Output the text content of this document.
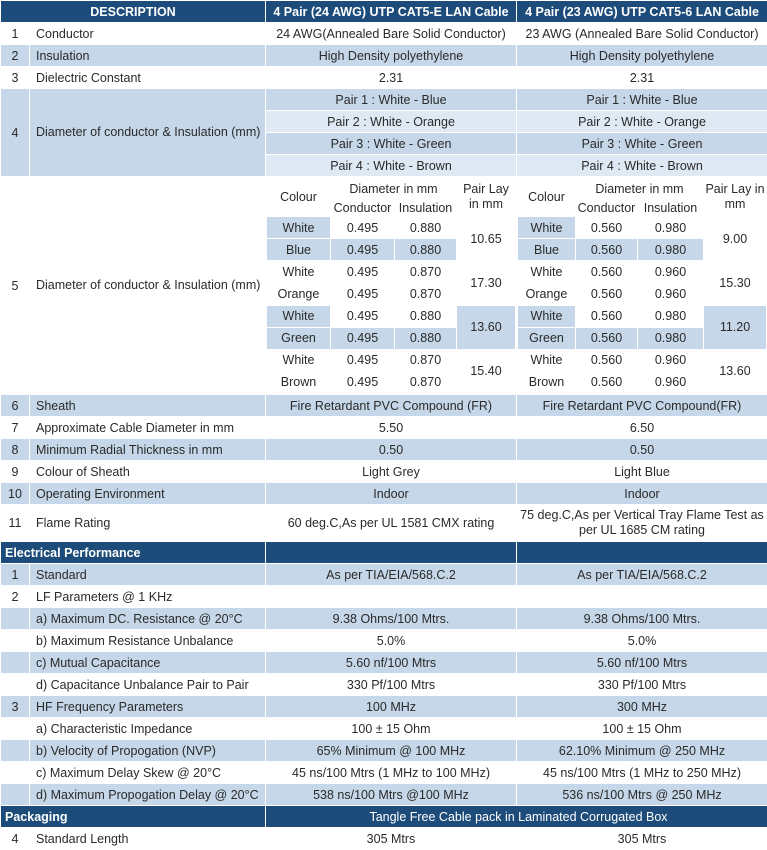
DESCRIPTION	4 Pair (24 AWG) UTP CAT5-E LAN Cable	4 Pair (23 AWG) UTP CAT5-6 LAN Cable
1	Conductor	24 AWG(Annealed Bare Solid Conductor)	23 AWG (Annealed Bare Solid Conductor)
2	Insulation	High Density polyethylene	High Density polyethylene
3	Dielectric Constant	2.31	2.31
4	Diameter of conductor & Insulation (mm)	Pair 1 : White - Blue	Pair 1 : White - Blue
Pair 2 : White - Orange	Pair 2 : White - Orange
Pair 3 : White - Green	Pair 3 : White - Green
Pair 4 : White - Brown	Pair 4 : White - Brown
5	Diameter of conductor & Insulation (mm)	
Colour	Diameter in mm	Pair Lay in mm
Conductor	Insulation
White	0.495	0.880	10.65
Blue	0.495	0.880
White	0.495	0.870	17.30
Orange	0.495	0.870
White	0.495	0.880	13.60
Green	0.495	0.880
White	0.495	0.870	15.40
Brown	0.495	0.870

Colour	Diameter in mm	Pair Lay in mm
Conductor	Insulation
White	0.560	0.980	9.00
Blue	0.560	0.980
White	0.560	0.960	15.30
Orange	0.560	0.960
White	0.560	0.980	11.20
Green	0.560	0.980
White	0.560	0.960	13.60
Brown	0.560	0.960

6	Sheath	Fire Retardant PVC Compound (FR)	Fire Retardant PVC Compound(FR)
7	Approximate Cable Diameter in mm	5.50	6.50
8	Minimum Radial Thickness in mm	0.50	0.50
9	Colour of Sheath	Light Grey	Light Blue
10	Operating Environment	Indoor	Indoor
11	Flame Rating	60 deg.C,As per UL 1581 CMX rating	75 deg.C,As per Vertical Tray Flame Test as per UL 1685 CM rating
Electrical Performance		
1	Standard	As per TIA/EIA/568.C.2	As per TIA/EIA/568.C.2
2	LF Parameters @ 1 KHz		
	a) Maximum DC. Resistance @ 20°C	9.38 Ohms/100 Mtrs.	9.38 Ohms/100 Mtrs.
	b) Maximum Resistance Unbalance	5.0%	5.0%
	c) Mutual Capacitance	5.60 nf/100 Mtrs	5.60 nf/100 Mtrs
	d) Capacitance Unbalance Pair to Pair	330 Pf/100 Mtrs	330 Pf/100 Mtrs
3	HF Frequency Parameters	100 MHz	300 MHz
	a) Characteristic Impedance	100 ± 15 Ohm	100 ± 15 Ohm
	b) Velocity of Propogation (NVP)	65% Minimum @ 100 MHz	62.10% Minimum @ 250 MHz
	c) Maximum Delay Skew @ 20°C	45 ns/100 Mtrs (1 MHz to 100 MHz)	45 ns/100 Mtrs (1 MHz to 250 MHz)
	d) Maximum Propogation Delay @ 20°C	538 ns/100 Mtrs @100 MHz	536 ns/100 Mtrs @ 250 MHz
Packaging	Tangle Free Cable pack in Laminated Corrugated Box
4	Standard Length	305 Mtrs	305 Mtrs
